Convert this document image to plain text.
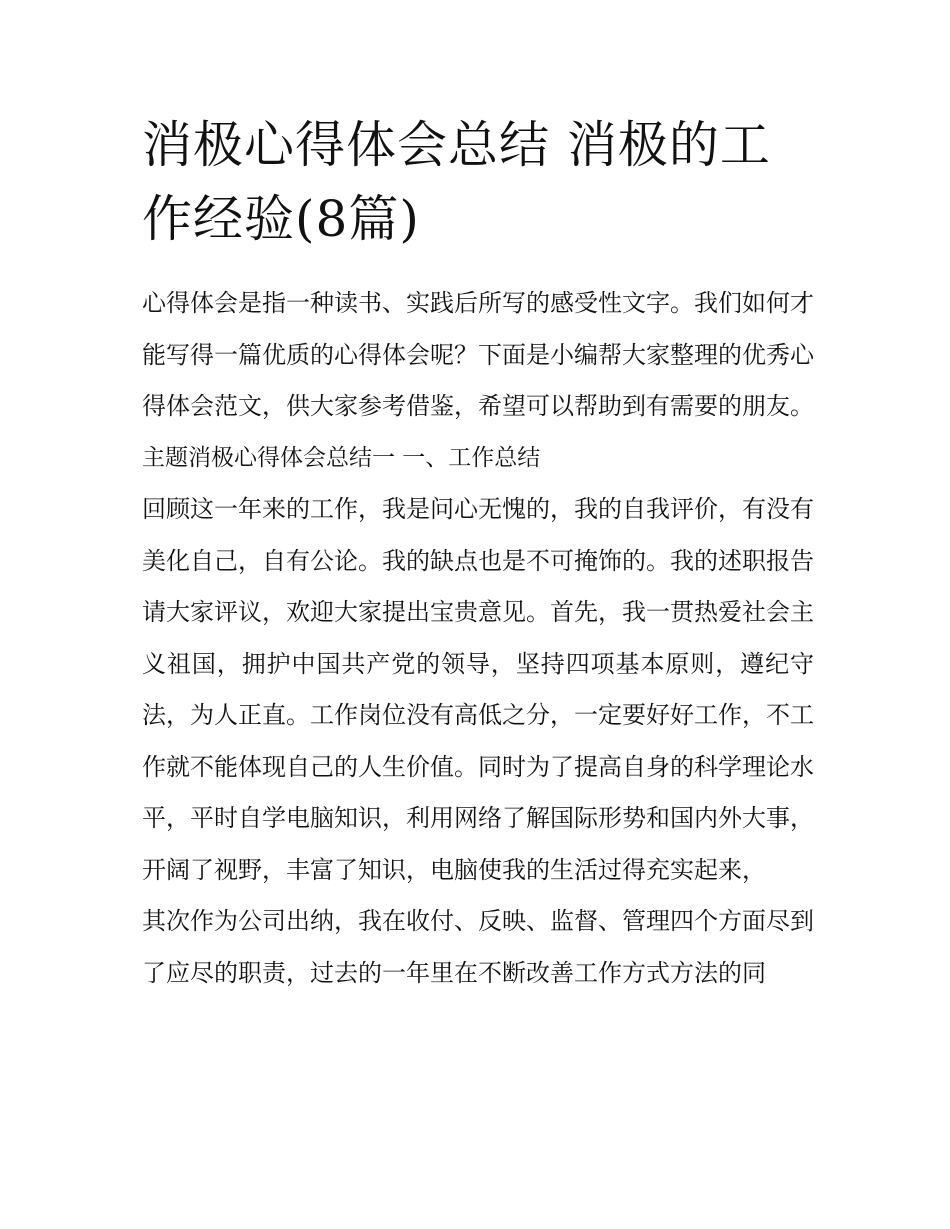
消极心得体会总结 消极的工作经验(8篇)

心得体会是指一种读书、实践后所写的感受性文字。我们如何才能写得一篇优质的心得体会呢？下面是小编帮大家整理的优秀心得体会范文，供大家参考借鉴，希望可以帮助到有需要的朋友。

主题消极心得体会总结一 一、工作总结

回顾这一年来的工作，我是问心无愧的，我的自我评价，有没有美化自己，自有公论。我的缺点也是不可掩饰的。我的述职报告请大家评议，欢迎大家提出宝贵意见。首先，我一贯热爱社会主义祖国，拥护中国共产党的领导，坚持四项基本原则，遵纪守法，为人正直。工作岗位没有高低之分，一定要好好工作，不工作就不能体现自己的人生价值。同时为了提高自身的科学理论水平，平时自学电脑知识，利用网络了解国际形势和国内外大事，开阔了视野，丰富了知识，电脑使我的生活过得充实起来，

其次作为公司出纳，我在收付、反映、监督、管理四个方面尽到了应尽的职责，过去的一年里在不断改善工作方式方法的同
